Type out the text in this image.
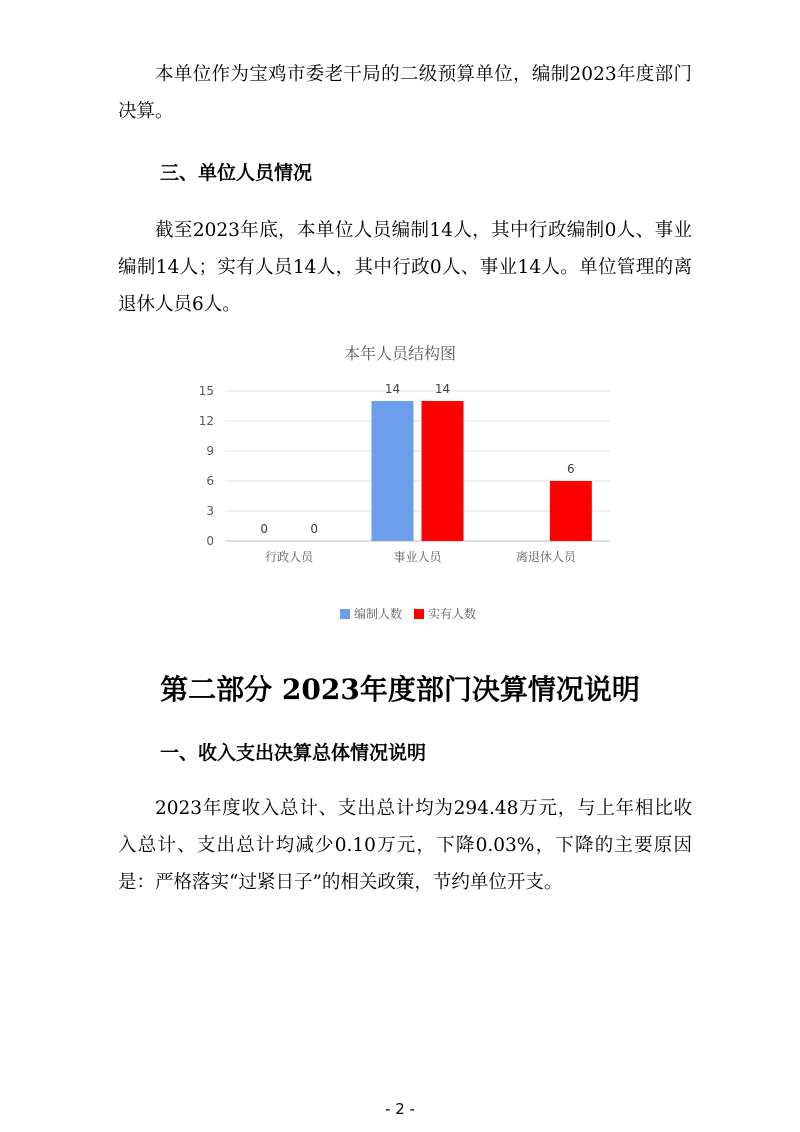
本单位作为宝鸡市委老干局的二级预算单位，编制2023年度部门决算。

三、单位人员情况

截至2023年底，本单位人员编制14人，其中行政编制0人、事业编制14人；实有人员14人，其中行政0人、事业14人。单位管理的离退休人员6人。

本年人员结构图
0
3
6
9
12
15
0	0
14	14
6
行政人员	事业人员	离退休人员
编制人数 实有人数
第二部分 2023年度部门决算情况说明
一、收入支出决算总体情况说明

2023年度收入总计、支出总计均为294.48万元，与上年相比收入总计、支出总计均减少0.10万元，下降0.03%，下降的主要原因是：严格落实“过紧日子”的相关政策，节约单位开支。

- 2 -
